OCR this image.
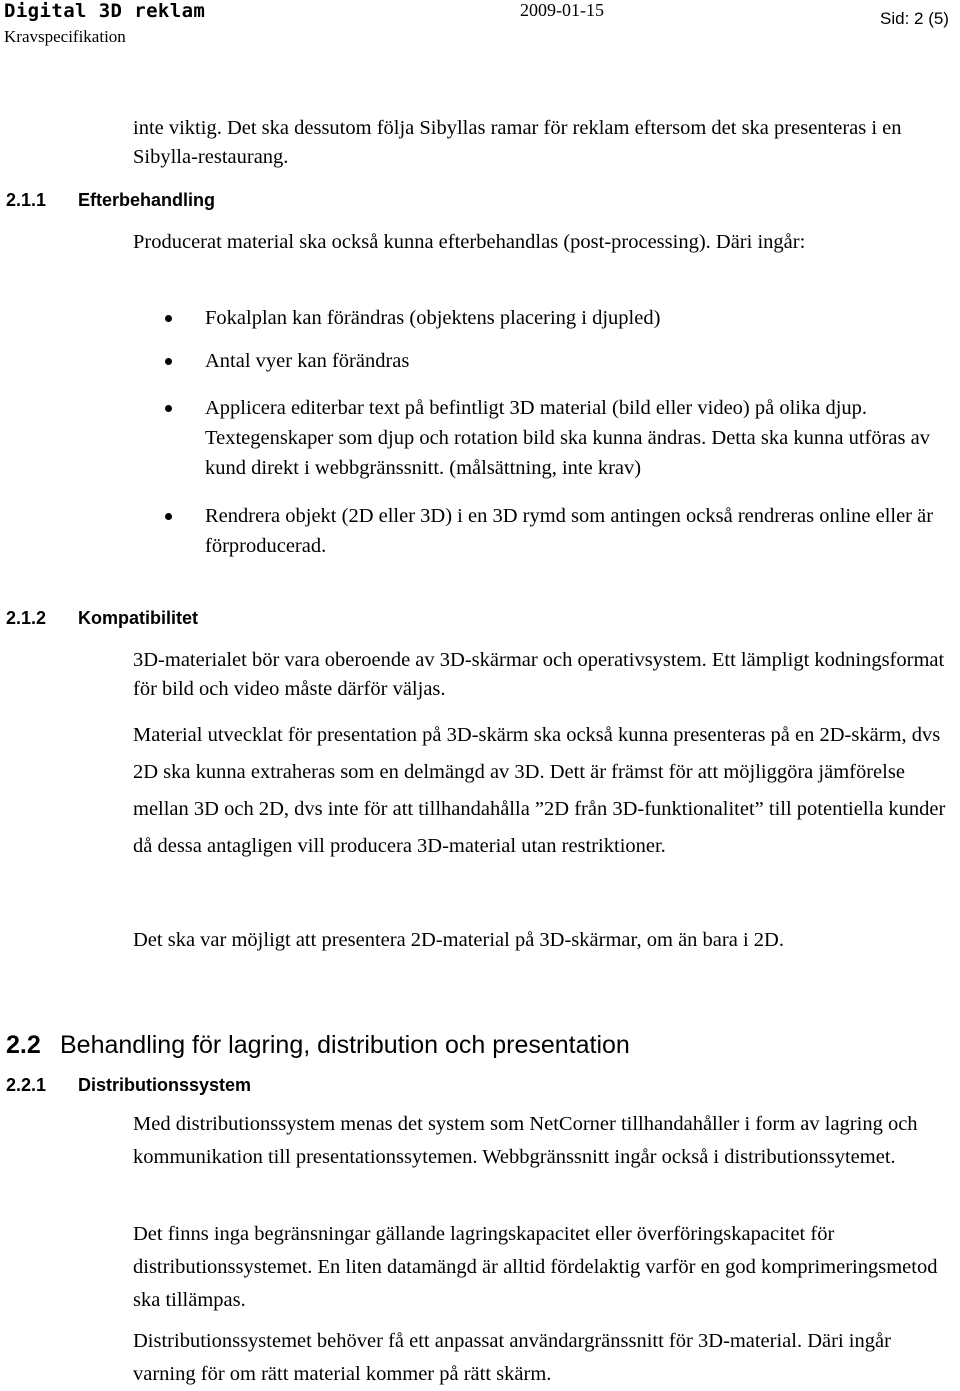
Digital 3D reklam
Kravspecifikation
2009-01-15	Sid: 2 (5)

inte viktig. Det ska dessutom följa Sibyllas ramar för reklam eftersom det ska presenteras i en Sibylla-restaurang.

2.1.1 Efterbehandling

Producerat material ska också kunna efterbehandlas (post-processing). Däri ingår:

Fokalplan kan förändras (objektens placering i djupled)
Antal vyer kan förändras
Applicera editerbar text på befintligt 3D material (bild eller video) på olika djup. Textegenskaper som djup och rotation bild ska kunna ändras. Detta ska kunna utföras av kund direkt i webbgränssnitt. (målsättning, inte krav)
Rendrera objekt (2D eller 3D) i en 3D rymd som antingen också rendreras online eller är förproducerad.
2.1.2 Kompatibilitet

3D-materialet bör vara oberoende av 3D-skärmar och operativsystem. Ett lämpligt kodningsformat för bild och video måste därför väljas.

Material utvecklat för presentation på 3D-skärm ska också kunna presenteras på en 2D-skärm, dvs 2D ska kunna extraheras som en delmängd av 3D. Dett är främst för att möjliggöra jämförelse mellan 3D och 2D, dvs inte för att tillhandahålla ”2D från 3D-funktionalitet” till potentiella kunder då dessa antagligen vill producera 3D-material utan restriktioner.

Det ska var möjligt att presentera 2D-material på 3D-skärmar, om än bara i 2D.

2.2 Behandling för lagring, distribution och presentation
2.2.1 Distributionssystem

Med distributionssystem menas det system som NetCorner tillhandahåller i form av lagring och kommunikation till presentationssytemen. Webbgränssnitt ingår också i distributionssytemet.

Det finns inga begränsningar gällande lagringskapacitet eller överföringskapacitet för distributionssystemet. En liten datamängd är alltid fördelaktig varför en god komprimeringsmetod ska tillämpas.

Distributionssystemet behöver få ett anpassat användargränssnitt för 3D-material. Däri ingår varning för om rätt material kommer på rätt skärm.
